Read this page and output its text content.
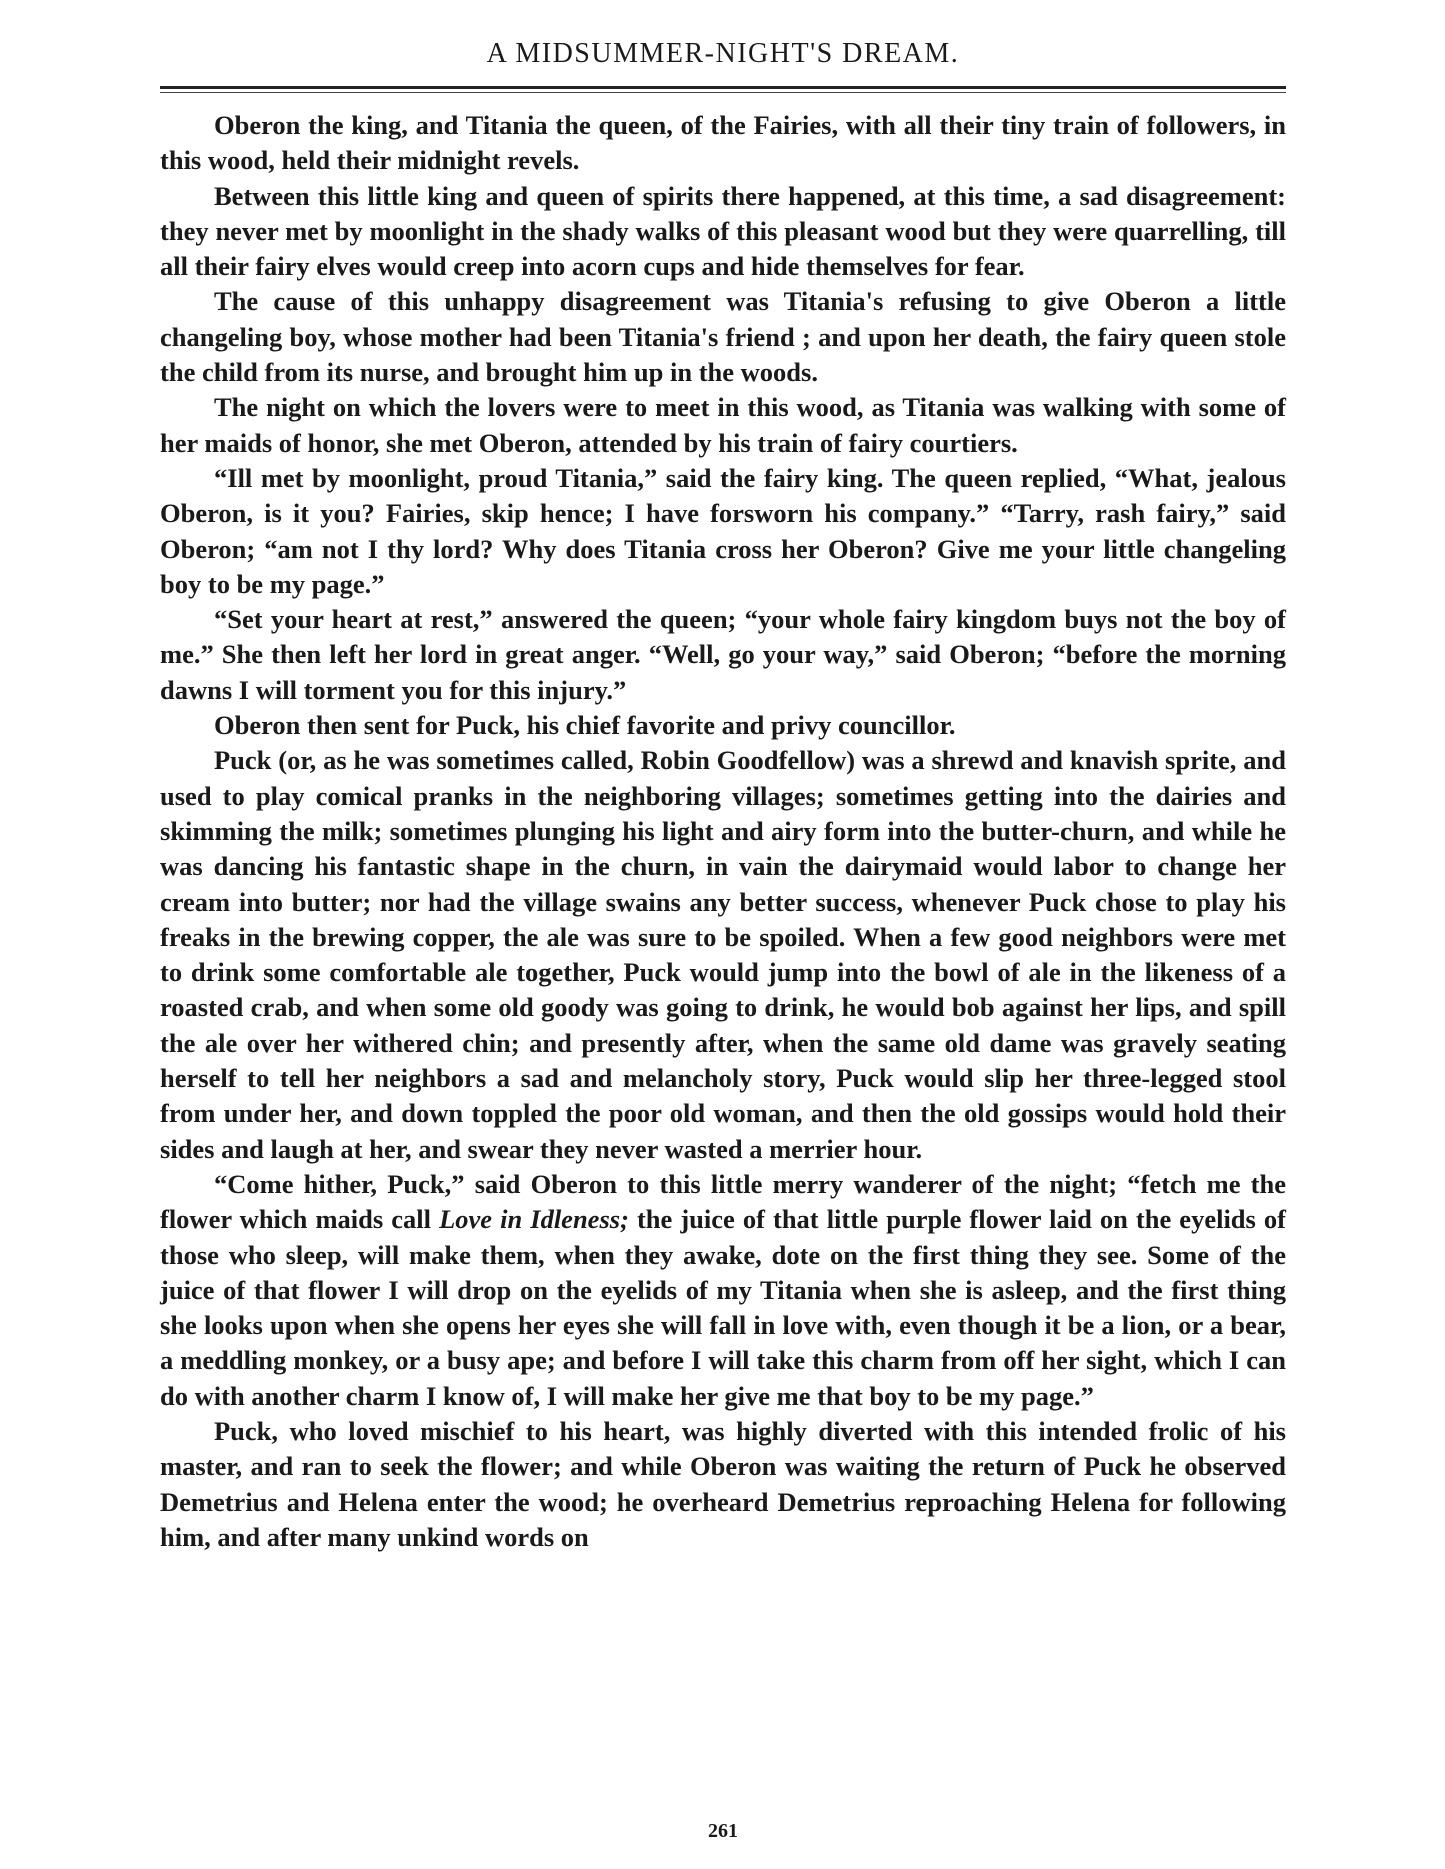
A MIDSUMMER-NIGHT'S DREAM.

Oberon the king, and Titania the queen, of the Fairies, with all their tiny train of followers, in this wood, held their midnight revels.

Between this little king and queen of spirits there happened, at this time, a sad disagreement: they never met by moonlight in the shady walks of this pleasant wood but they were quarrelling, till all their fairy elves would creep into acorn cups and hide themselves for fear.

The cause of this unhappy disagreement was Titania's refusing to give Oberon a little changeling boy, whose mother had been Titania's friend ; and upon her death, the fairy queen stole the child from its nurse, and brought him up in the woods.

The night on which the lovers were to meet in this wood, as Titania was walking with some of her maids of honor, she met Oberon, attended by his train of fairy courtiers.

“Ill met by moonlight, proud Titania,” said the fairy king. The queen replied, “What, jealous Oberon, is it you? Fairies, skip hence; I have forsworn his company.” “Tarry, rash fairy,” said Oberon; “am not I thy lord? Why does Titania cross her Oberon? Give me your little changeling boy to be my page.”

“Set your heart at rest,” answered the queen; “your whole fairy kingdom buys not the boy of me.” She then left her lord in great anger. “Well, go your way,” said Oberon; “before the morning dawns I will torment you for this injury.”

Oberon then sent for Puck, his chief favorite and privy councillor.

Puck (or, as he was sometimes called, Robin Goodfellow) was a shrewd and knavish sprite, and used to play comical pranks in the neighboring villages; sometimes getting into the dairies and skimming the milk; sometimes plunging his light and airy form into the butter-churn, and while he was dancing his fantastic shape in the churn, in vain the dairymaid would labor to change her cream into butter; nor had the village swains any better success, whenever Puck chose to play his freaks in the brewing copper, the ale was sure to be spoiled. When a few good neighbors were met to drink some comfortable ale together, Puck would jump into the bowl of ale in the likeness of a roasted crab, and when some old goody was going to drink, he would bob against her lips, and spill the ale over her withered chin; and presently after, when the same old dame was gravely seating herself to tell her neighbors a sad and melancholy story, Puck would slip her three-legged stool from under her, and down toppled the poor old woman, and then the old gossips would hold their sides and laugh at her, and swear they never wasted a merrier hour.

“Come hither, Puck,” said Oberon to this little merry wanderer of the night; “fetch me the flower which maids call Love in Idleness; the juice of that little purple flower laid on the eyelids of those who sleep, will make them, when they awake, dote on the first thing they see. Some of the juice of that flower I will drop on the eyelids of my Titania when she is asleep, and the first thing she looks upon when she opens her eyes she will fall in love with, even though it be a lion, or a bear, a meddling monkey, or a busy ape; and before I will take this charm from off her sight, which I can do with another charm I know of, I will make her give me that boy to be my page.”

Puck, who loved mischief to his heart, was highly diverted with this intended frolic of his master, and ran to seek the flower; and while Oberon was waiting the return of Puck he observed Demetrius and Helena enter the wood; he overheard Demetrius reproaching Helena for following him, and after many unkind words on

261
